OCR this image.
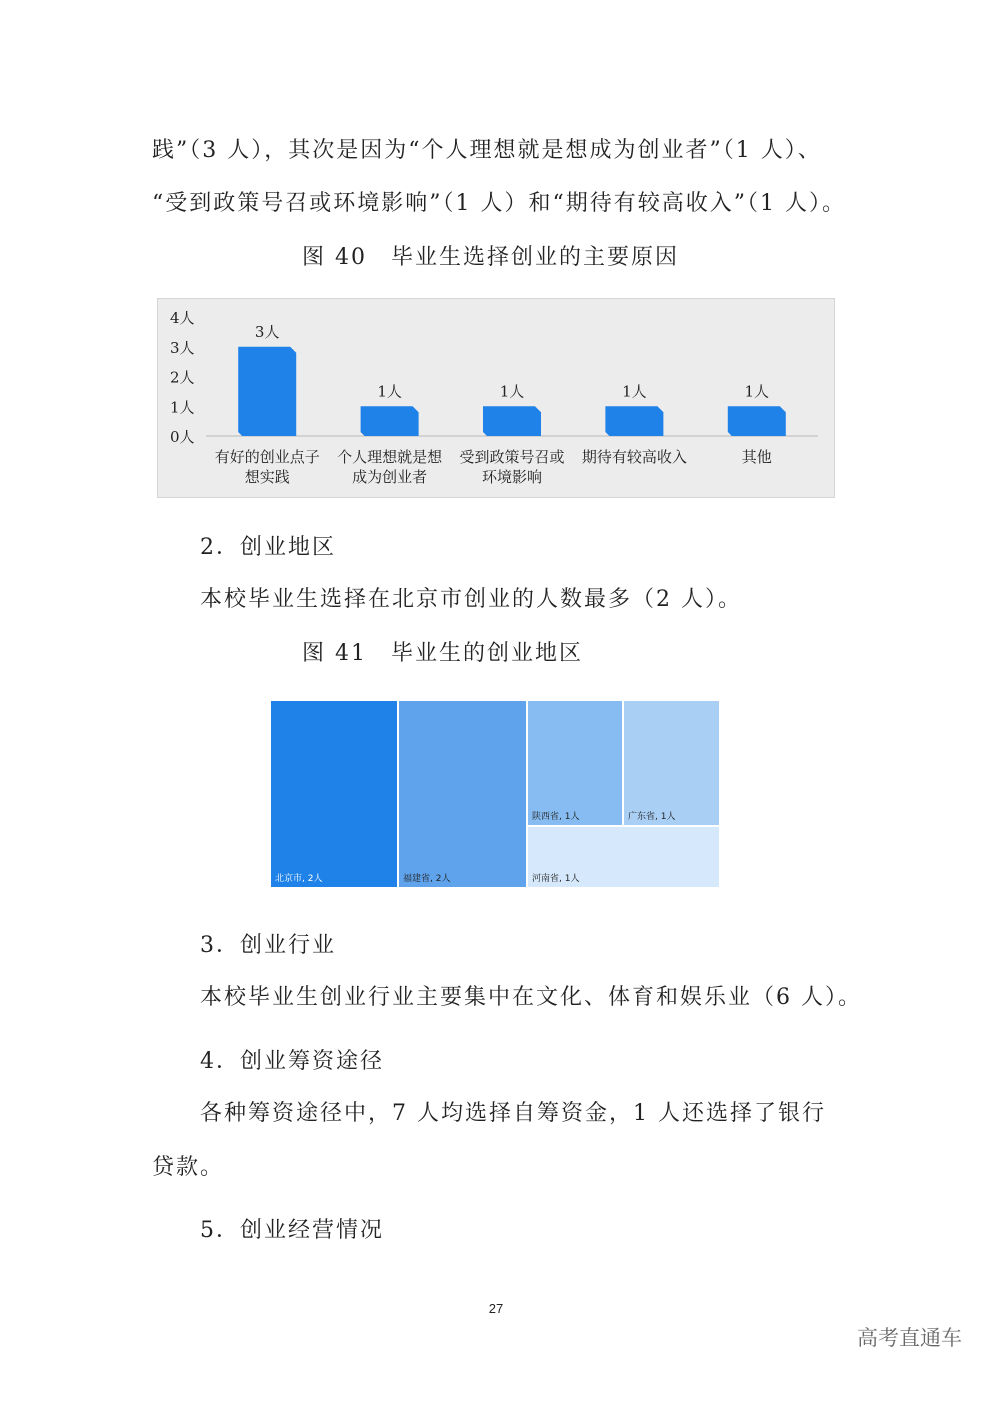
践”（3 人），其次是因为“个人理想就是想成为创业者”（1 人）、
“受到政策号召或环境影响”（1 人）和“期待有较高收入”（1 人）。
图 40　毕业生选择创业的主要原因
0人
1人
2人
3人
4人
3人
有好的创业点子
想实践
1人
个人理想就是想
成为创业者
1人
受到政策号召或
环境影响
1人
期待有较高收入
1人
其他
2．创业地区
本校毕业生选择在北京市创业的人数最多（2 人）。
图 41　毕业生的创业地区
北京市, 2人	福建省, 2人
陕西省, 1人	广东省, 1人
河南省, 1人
3．创业行业
本校毕业生创业行业主要集中在文化、体育和娱乐业（6 人）。
4．创业筹资途径
各种筹资途径中，7 人均选择自筹资金，1 人还选择了银行
贷款。
5．创业经营情况
27
高考直通车
